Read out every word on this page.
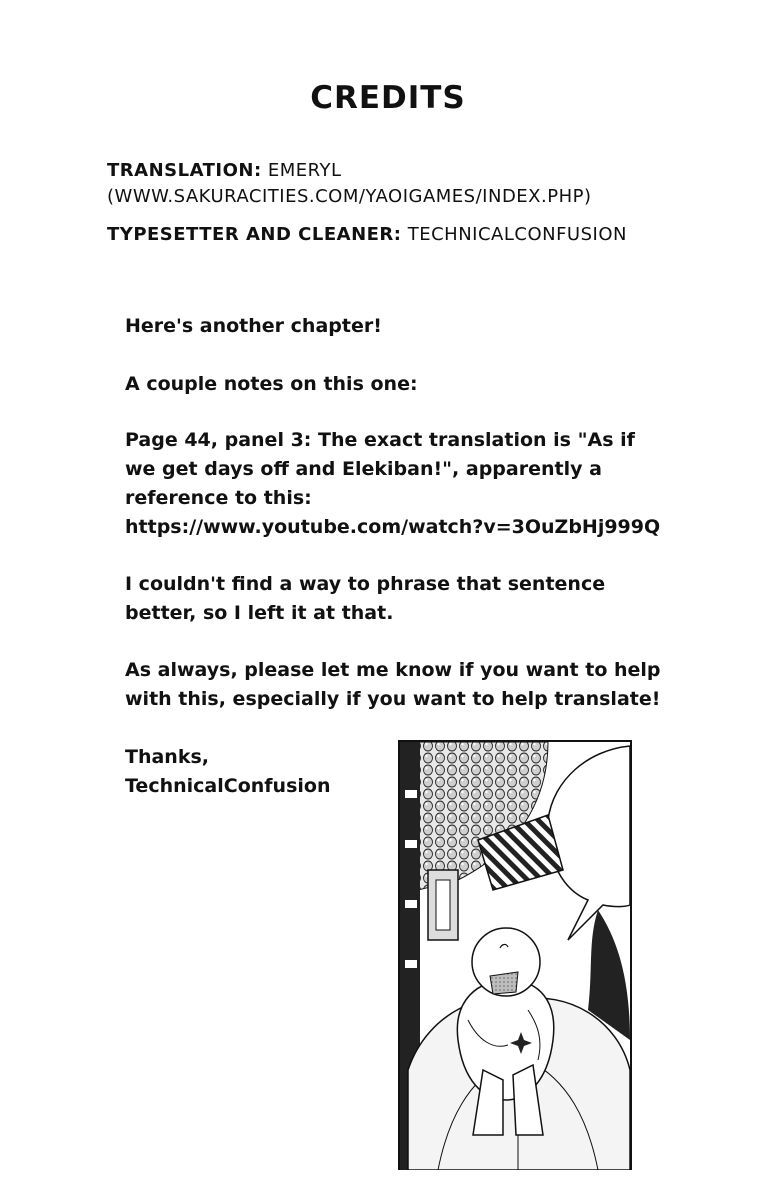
CREDITS
TRANSLATION: EMERYL
(WWW.SAKURACITIES.COM/YAOIGAMES/INDEX.PHP)
TYPESETTER AND CLEANER: TECHNICALCONFUSION

Here's another chapter!

A couple notes on this one:

Page 44, panel 3: The exact translation is "As if we get days off and Elekiban!", apparently a reference to this:
https://www.youtube.com/watch?v=3OuZbHj999Q

I couldn't find a way to phrase that sentence better, so I left it at that.

As always, please let me know if you want to help with this, especially if you want to help translate!

Thanks,
TechnicalConfusion
